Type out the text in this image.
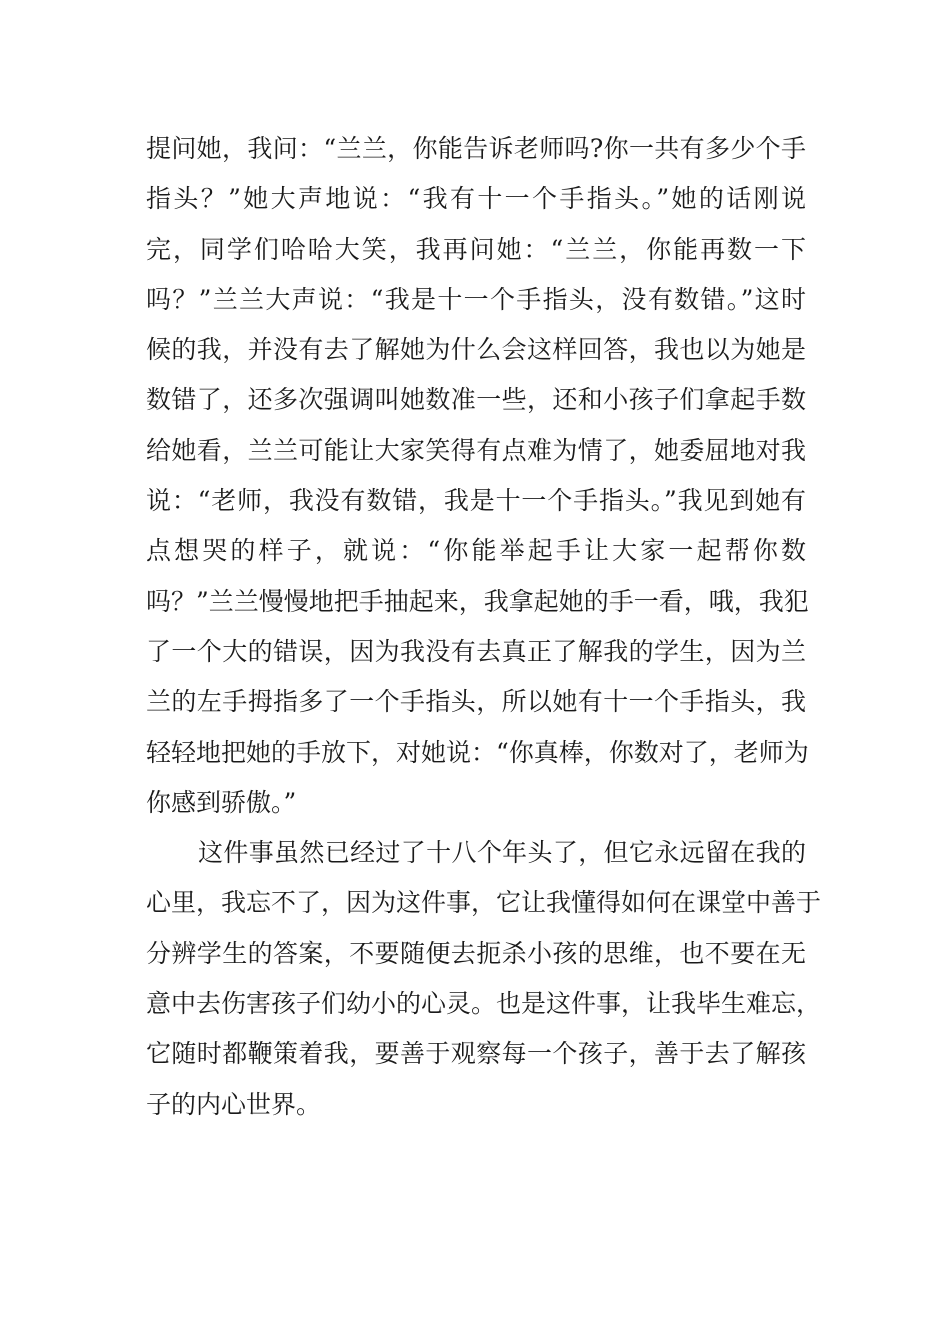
提问她，我问：“兰兰，你能告诉老师吗?你一共有多少个手
指头？”她大声地说：“我有十一个手指头。”她的话刚说
完，同学们哈哈大笑，我再问她：“兰兰，你能再数一下
吗？”兰兰大声说：“我是十一个手指头，没有数错。”这时
候的我，并没有去了解她为什么会这样回答，我也以为她是
数错了，还多次强调叫她数准一些，还和小孩子们拿起手数
给她看，兰兰可能让大家笑得有点难为情了，她委屈地对我
说：“老师，我没有数错，我是十一个手指头。”我见到她有
点想哭的样子，就说：“你能举起手让大家一起帮你数
吗？”兰兰慢慢地把手抽起来，我拿起她的手一看，哦，我犯
了一个大的错误，因为我没有去真正了解我的学生，因为兰
兰的左手拇指多了一个手指头，所以她有十一个手指头，我
轻轻地把她的手放下，对她说：“你真棒，你数对了，老师为
你感到骄傲。”
这件事虽然已经过了十八个年头了，但它永远留在我的
心里，我忘不了，因为这件事，它让我懂得如何在课堂中善于
分辨学生的答案，不要随便去扼杀小孩的思维，也不要在无
意中去伤害孩子们幼小的心灵。也是这件事，让我毕生难忘，
它随时都鞭策着我，要善于观察每一个孩子，善于去了解孩
子的内心世界。
